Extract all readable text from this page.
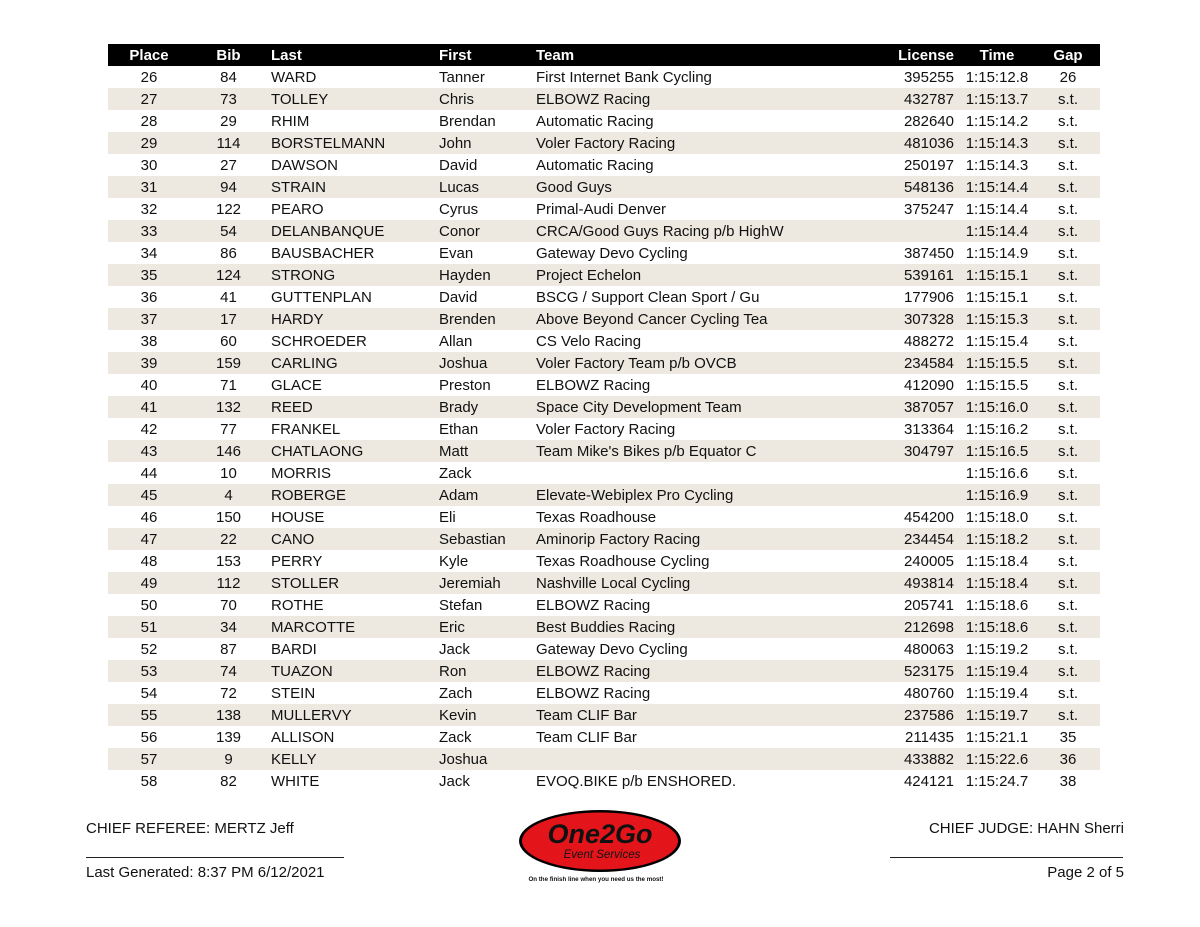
Place	Bib	Last	First	Team	License	Time	Gap
26	84	WARD	Tanner	First Internet Bank Cycling	395255	1:15:12.8	26
27	73	TOLLEY	Chris	ELBOWZ Racing	432787	1:15:13.7	s.t.
28	29	RHIM	Brendan	Automatic Racing	282640	1:15:14.2	s.t.
29	114	BORSTELMANN	John	Voler Factory Racing	481036	1:15:14.3	s.t.
30	27	DAWSON	David	Automatic Racing	250197	1:15:14.3	s.t.
31	94	STRAIN	Lucas	Good Guys	548136	1:15:14.4	s.t.
32	122	PEARO	Cyrus	Primal-Audi Denver	375247	1:15:14.4	s.t.
33	54	DELANBANQUE	Conor	CRCA/Good Guys Racing p/b HighW		1:15:14.4	s.t.
34	86	BAUSBACHER	Evan	Gateway Devo Cycling	387450	1:15:14.9	s.t.
35	124	STRONG	Hayden	Project Echelon	539161	1:15:15.1	s.t.
36	41	GUTTENPLAN	David	BSCG / Support Clean Sport / Gu	177906	1:15:15.1	s.t.
37	17	HARDY	Brenden	Above Beyond Cancer Cycling Tea	307328	1:15:15.3	s.t.
38	60	SCHROEDER	Allan	CS Velo Racing	488272	1:15:15.4	s.t.
39	159	CARLING	Joshua	Voler Factory Team p/b OVCB	234584	1:15:15.5	s.t.
40	71	GLACE	Preston	ELBOWZ Racing	412090	1:15:15.5	s.t.
41	132	REED	Brady	Space City Development Team	387057	1:15:16.0	s.t.
42	77	FRANKEL	Ethan	Voler Factory Racing	313364	1:15:16.2	s.t.
43	146	CHATLAONG	Matt	Team Mike's Bikes p/b Equator C	304797	1:15:16.5	s.t.
44	10	MORRIS	Zack			1:15:16.6	s.t.
45	4	ROBERGE	Adam	Elevate-Webiplex Pro Cycling		1:15:16.9	s.t.
46	150	HOUSE	Eli	Texas Roadhouse	454200	1:15:18.0	s.t.
47	22	CANO	Sebastian	Aminorip Factory Racing	234454	1:15:18.2	s.t.
48	153	PERRY	Kyle	Texas Roadhouse Cycling	240005	1:15:18.4	s.t.
49	112	STOLLER	Jeremiah	Nashville Local Cycling	493814	1:15:18.4	s.t.
50	70	ROTHE	Stefan	ELBOWZ Racing	205741	1:15:18.6	s.t.
51	34	MARCOTTE	Eric	Best Buddies Racing	212698	1:15:18.6	s.t.
52	87	BARDI	Jack	Gateway Devo Cycling	480063	1:15:19.2	s.t.
53	74	TUAZON	Ron	ELBOWZ Racing	523175	1:15:19.4	s.t.
54	72	STEIN	Zach	ELBOWZ Racing	480760	1:15:19.4	s.t.
55	138	MULLERVY	Kevin	Team CLIF Bar	237586	1:15:19.7	s.t.
56	139	ALLISON	Zack	Team CLIF Bar	211435	1:15:21.1	35
57	9	KELLY	Joshua		433882	1:15:22.6	36
58	82	WHITE	Jack	EVOQ.BIKE p/b ENSHORED.	424121	1:15:24.7	38
CHIEF REFEREE: MERTZ Jeff
Last Generated: 8:37 PM 6/12/2021
CHIEF JUDGE: HAHN Sherri
Page 2 of 5
One2Go
Event Services
On the finish line when you need us the most!
